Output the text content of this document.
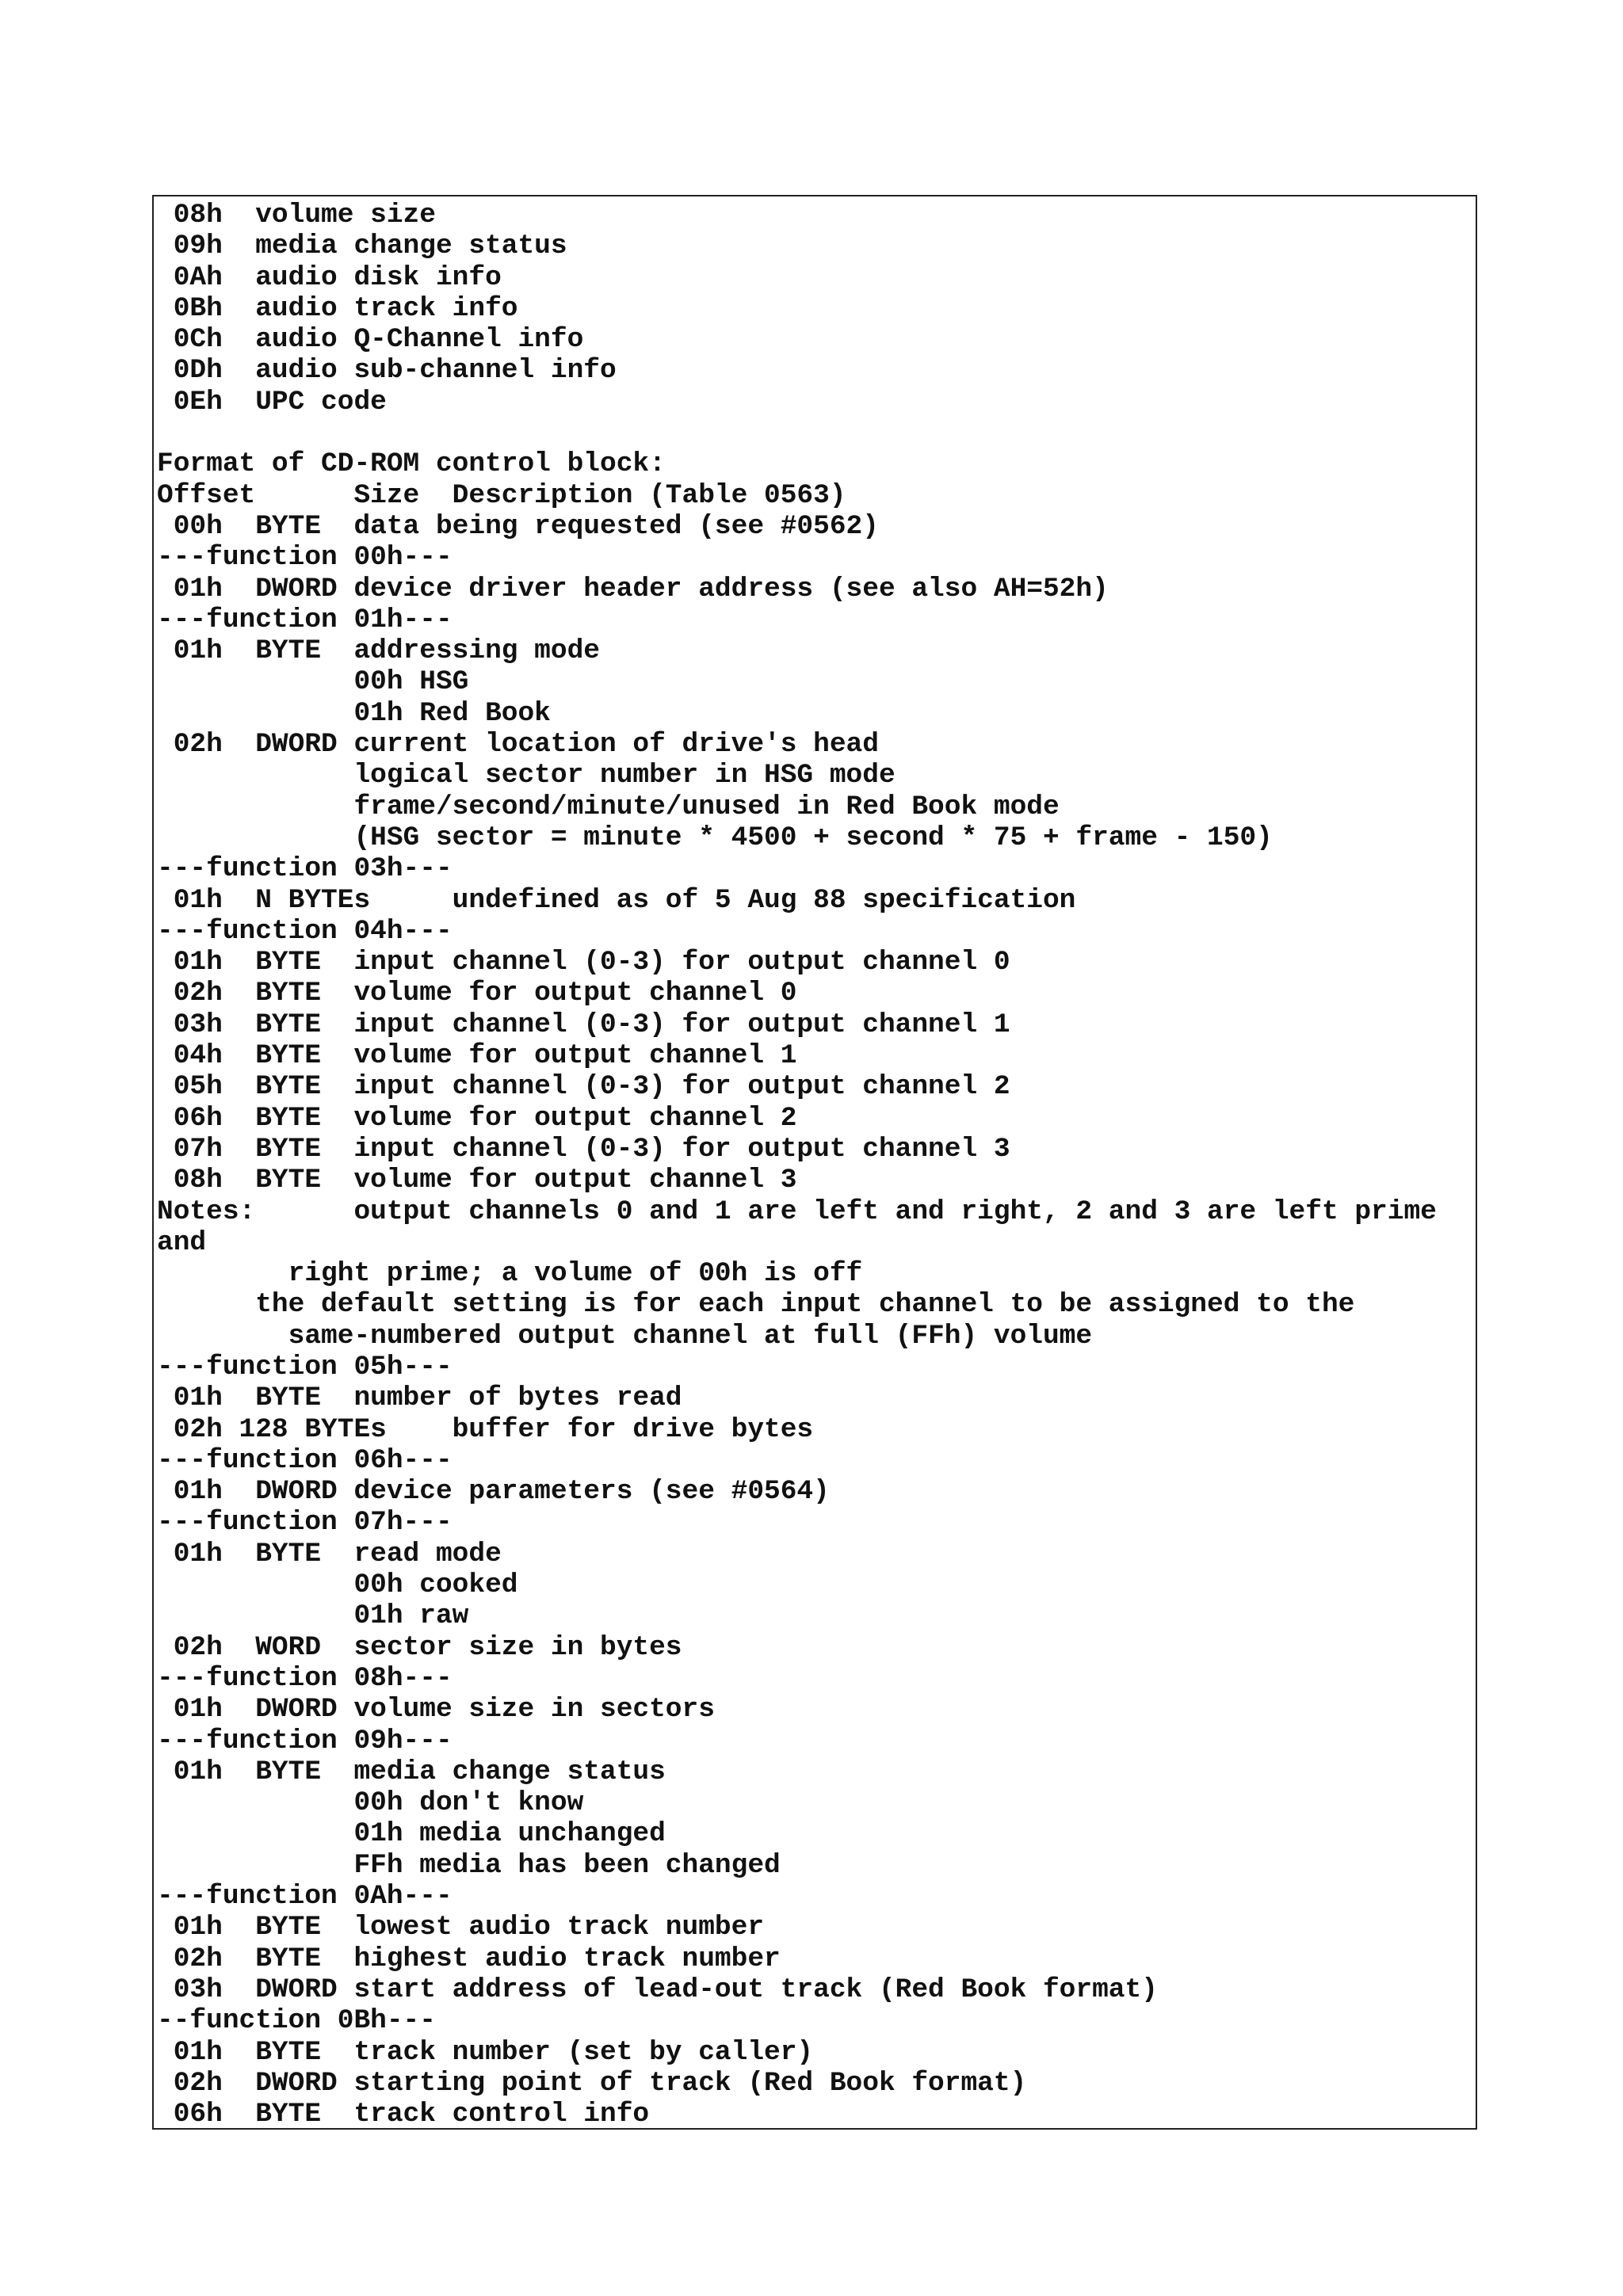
08h  volume size
09h  media change status
0Ah  audio disk info
0Bh  audio track info
0Ch  audio Q-Channel info
0Dh  audio sub-channel info
0Eh  UPC code

Format of CD-ROM control block:
Offset      Size  Description (Table 0563)
00h  BYTE  data being requested (see #0562)
---function 00h---
01h  DWORD device driver header address (see also AH=52h)
---function 01h---
01h  BYTE  addressing mode
00h HSG
01h Red Book
02h  DWORD current location of drive's head
logical sector number in HSG mode
frame/second/minute/unused in Red Book mode
(HSG sector = minute * 4500 + second * 75 + frame - 150)
---function 03h---
01h  N BYTEs     undefined as of 5 Aug 88 specification
---function 04h---
01h  BYTE  input channel (0-3) for output channel 0
02h  BYTE  volume for output channel 0
03h  BYTE  input channel (0-3) for output channel 1
04h  BYTE  volume for output channel 1
05h  BYTE  input channel (0-3) for output channel 2
06h  BYTE  volume for output channel 2
07h  BYTE  input channel (0-3) for output channel 3
08h  BYTE  volume for output channel 3
Notes:      output channels 0 and 1 are left and right, 2 and 3 are left prime
and
right prime; a volume of 00h is off
the default setting is for each input channel to be assigned to the
same-numbered output channel at full (FFh) volume
---function 05h---
01h  BYTE  number of bytes read
02h 128 BYTEs    buffer for drive bytes
---function 06h---
01h  DWORD device parameters (see #0564)
---function 07h---
01h  BYTE  read mode
00h cooked
01h raw
02h  WORD  sector size in bytes
---function 08h---
01h  DWORD volume size in sectors
---function 09h---
01h  BYTE  media change status
00h don't know
01h media unchanged
FFh media has been changed
---function 0Ah---
01h  BYTE  lowest audio track number
02h  BYTE  highest audio track number
03h  DWORD start address of lead-out track (Red Book format)
--function 0Bh---
01h  BYTE  track number (set by caller)
02h  DWORD starting point of track (Red Book format)
06h  BYTE  track control info
